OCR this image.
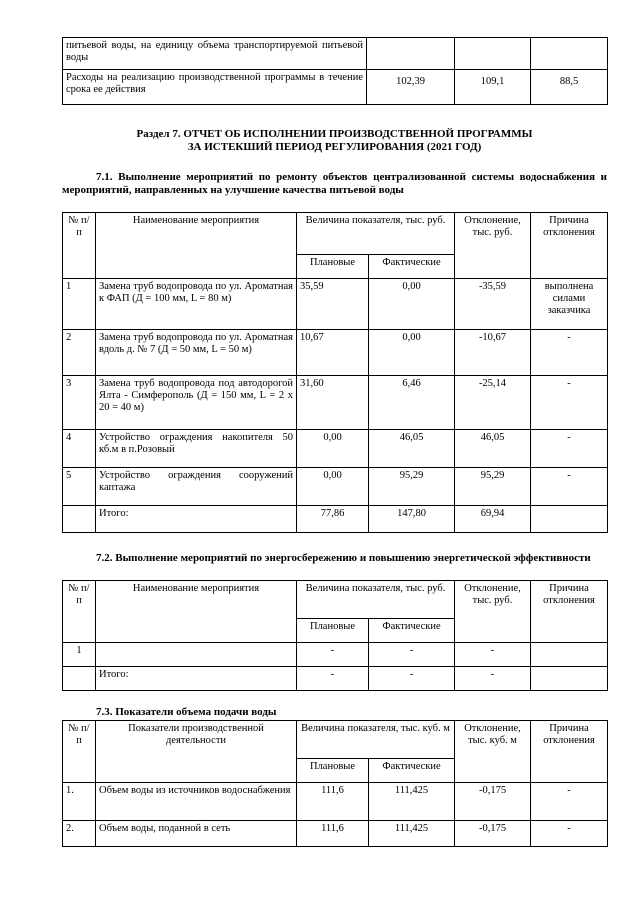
питьевой воды, на единицу объема транспортируемой питьевой воды			
Расходы на реализацию производственной программы в течение срока ее действия	102,39	109,1	88,5
Раздел 7. ОТЧЕТ ОБ ИСПОЛНЕНИИ ПРОИЗВОДСТВЕННОЙ ПРОГРАММЫ
ЗА ИСТЕКШИЙ ПЕРИОД РЕГУЛИРОВАНИЯ (2021 ГОД)
7.1. Выполнение мероприятий по ремонту объектов централизованной системы водоснабжения и мероприятий, направленных на улучшение качества питьевой воды
№ п/п	Наименование мероприятия	Величина показателя, тыс. руб.		Отклонение, тыс. руб.	Причина отклонения
		Плановые	Фактические		
1	Замена труб водопровода по ул. Ароматная к ФАП (Д = 100 мм, L = 80 м)	35,59	0,00	-35,59	выполнена силами заказчика
2	Замена труб водопровода по ул. Ароматная вдоль д. № 7 (Д = 50 мм, L = 50 м)	10,67	0,00	-10,67	-
3	Замена труб водопровода под автодорогой Ялта - Симферополь (Д = 150 мм, L = 2 х 20 = 40 м)	31,60	6,46	-25,14	-
4	Устройство ограждения накопителя 50 кб.м в п.Розовый	0,00	46,05	46,05	-
5	Устройство ограждения сооружений каптажа	0,00	95,29	95,29	-
	Итого:	77,86	147,80	69,94	
7.2. Выполнение мероприятий по энергосбережению и повышению энергетической эффективности
№ п/п	Наименование мероприятия	Величина показателя, тыс. руб.		Отклонение, тыс. руб.	Причина отклонения
		Плановые	Фактические		
1		-	-	-	
	Итого:	-	-	-	
7.3. Показатели объема подачи воды
№ п/п	Показатели производственной деятельности	Величина показателя, тыс. куб. м		Отклонение, тыс. куб. м	Причина отклонения
		Плановые	Фактические		
1.	Объем воды из источников водоснабжения	111,6	111,425	-0,175	-
2.	Объем воды, поданной в сеть	111,6	111,425	-0,175	-
